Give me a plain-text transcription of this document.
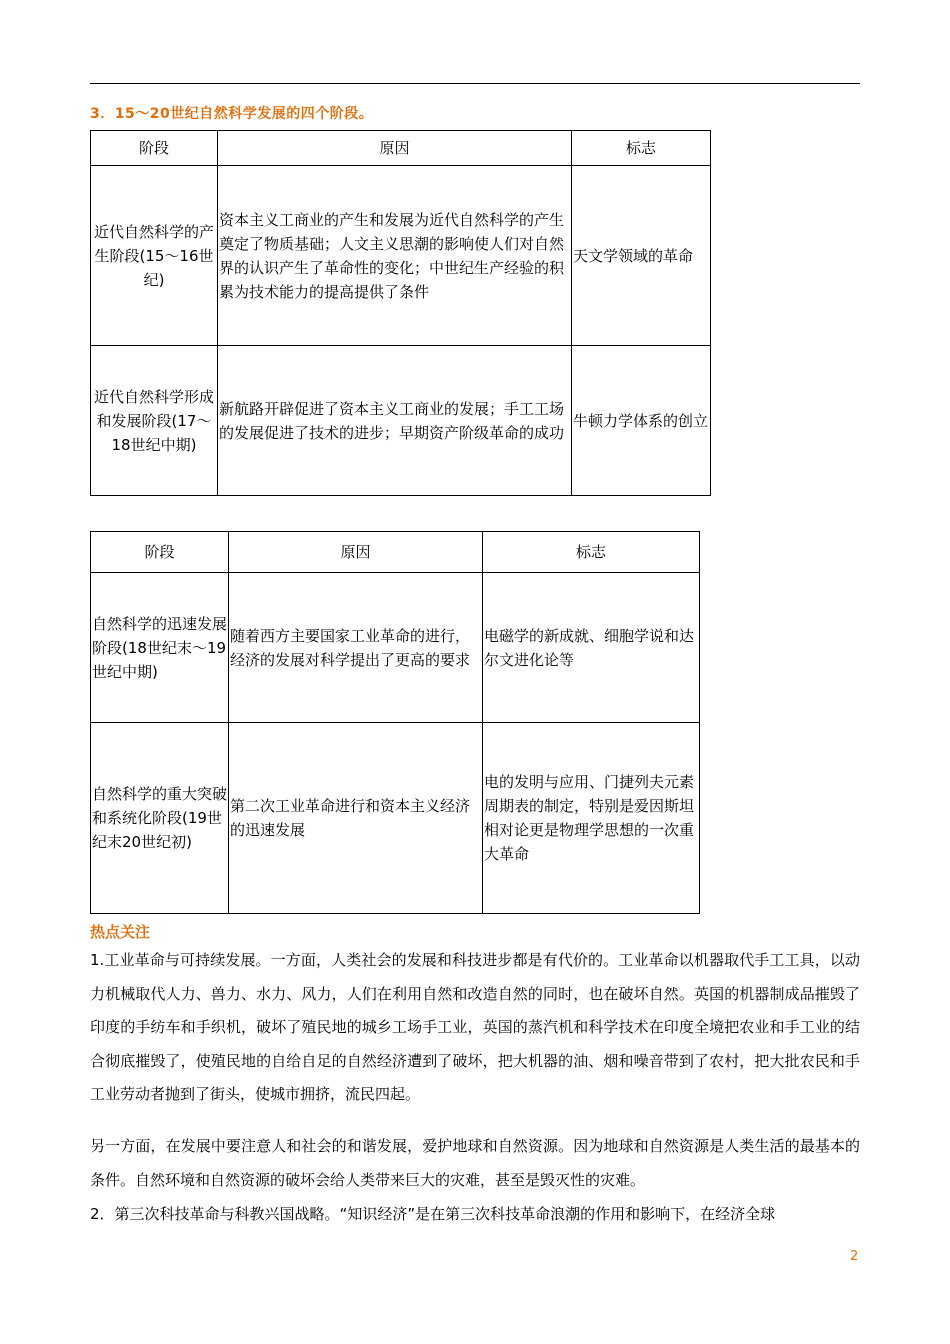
3．15～20世纪自然科学发展的四个阶段。
阶段	原因	标志
近代自然科学的产生阶段(15～16世纪)	资本主义工商业的产生和发展为近代自然科学的产生奠定了物质基础；人文主义思潮的影响使人们对自然界的认识产生了革命性的变化；中世纪生产经验的积累为技术能力的提高提供了条件	天文学领域的革命
近代自然科学形成和发展阶段(17～18世纪中期)	新航路开辟促进了资本主义工商业的发展；手工工场的发展促进了技术的进步；早期资产阶级革命的成功	牛顿力学体系的创立
阶段	原因	标志
自然科学的迅速发展阶段(18世纪末～19世纪中期)	随着西方主要国家工业革命的进行，经济的发展对科学提出了更高的要求	电磁学的新成就、细胞学说和达尔文进化论等
自然科学的重大突破和系统化阶段(19世纪末20世纪初)	第二次工业革命进行和资本主义经济的迅速发展	电的发明与应用、门捷列夫元素周期表的制定，特别是爱因斯坦相对论更是物理学思想的一次重大革命
热点关注
1.工业革命与可持续发展。一方面，人类社会的发展和科技进步都是有代价的。工业革命以机器取代手工工具，以动力机械取代人力、兽力、水力、风力，人们在利用自然和改造自然的同时，也在破坏自然。英国的机器制成品摧毁了印度的手纺车和手织机，破坏了殖民地的城乡工场手工业，英国的蒸汽机和科学技术在印度全境把农业和手工业的结合彻底摧毁了，使殖民地的自给自足的自然经济遭到了破坏，把大机器的油、烟和噪音带到了农村，把大批农民和手工业劳动者抛到了街头，使城市拥挤，流民四起。
另一方面，在发展中要注意人和社会的和谐发展，爱护地球和自然资源。因为地球和自然资源是人类生活的最基本的条件。自然环境和自然资源的破坏会给人类带来巨大的灾难，甚至是毁灭性的灾难。
2．第三次科技革命与科教兴国战略。“知识经济”是在第三次科技革命浪潮的作用和影响下，在经济全球
2
